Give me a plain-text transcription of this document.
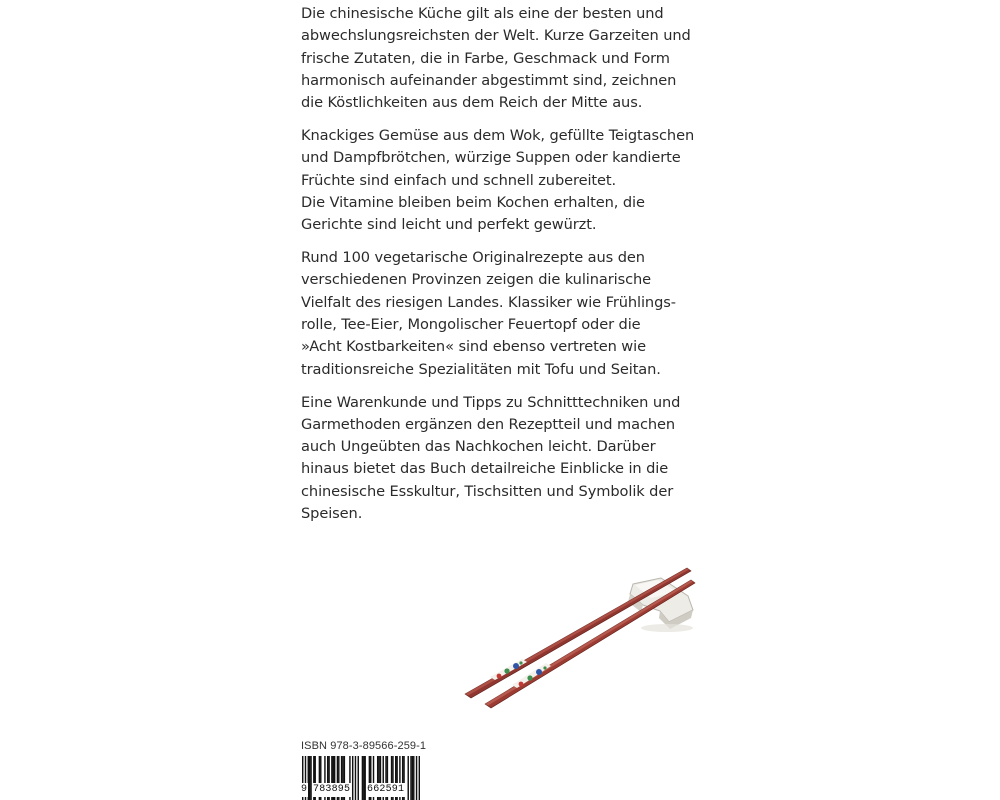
Die chinesische Küche gilt als eine der besten und
abwechslungsreichsten der Welt. Kurze Garzeiten und
frische Zutaten, die in Farbe, Geschmack und Form
harmonisch aufeinander abgestimmt sind, zeichnen
die Köstlichkeiten aus dem Reich der Mitte aus.

Knackiges Gemüse aus dem Wok, gefüllte Teigtaschen
und Dampfbrötchen, würzige Suppen oder kandierte
Früchte sind einfach und schnell zubereitet.
Die Vitamine bleiben beim Kochen erhalten, die
Gerichte sind leicht und perfekt gewürzt.

Rund 100 vegetarische Originalrezepte aus den
verschiedenen Provinzen zeigen die kulinarische
Vielfalt des riesigen Landes. Klassiker wie Frühlings-
rolle, Tee-Eier, Mongolischer Feuertopf oder die
»Acht Kostbarkeiten« sind ebenso vertreten wie
traditionsreiche Spezialitäten mit Tofu und Seitan.

Eine Warenkunde und Tipps zu Schnitttechniken und
Garmethoden ergänzen den Rezeptteil und machen
auch Ungeübten das Nachkochen leicht. Darüber
hinaus bietet das Buch detailreiche Einblicke in die
chinesische Esskultur, Tischsitten und Symbolik der
Speisen.

ISBN 978-3-89566-259-1
9 783895 662591
